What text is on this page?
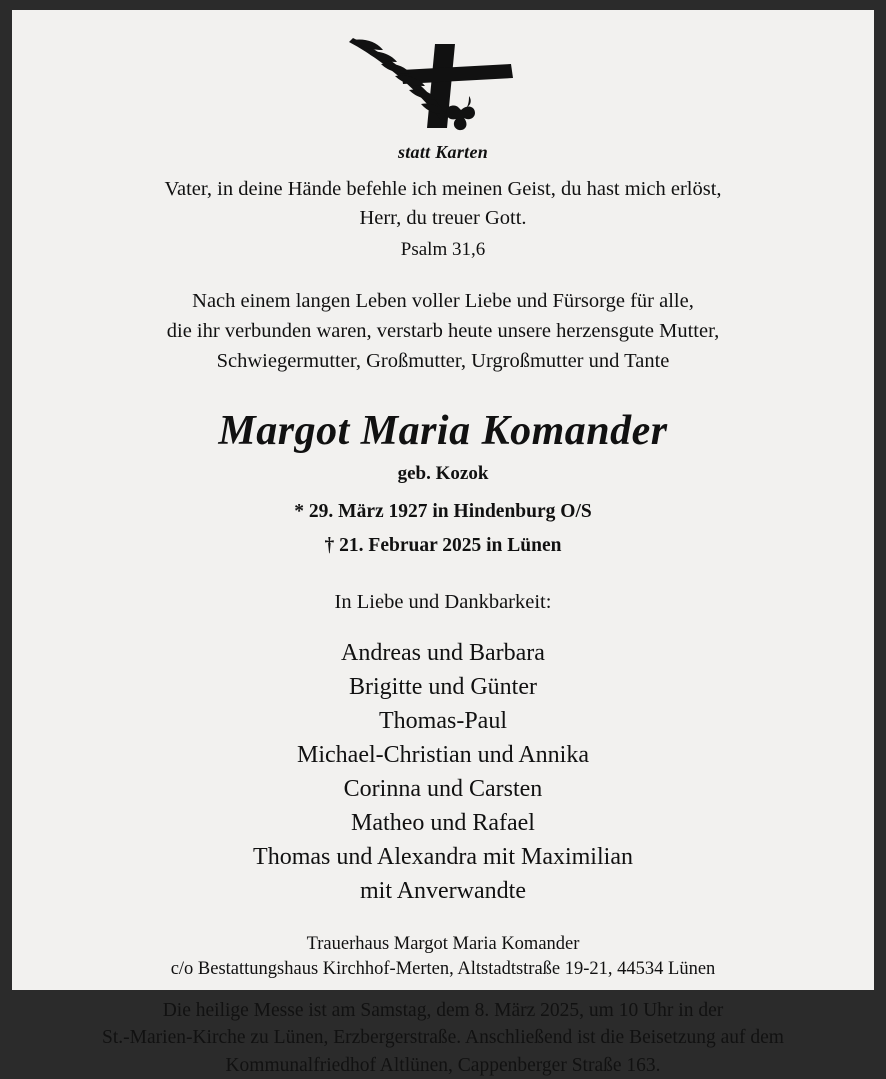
statt Karten
Vater, in deine Hände befehle ich meinen Geist, du hast mich erlöst,
Herr, du treuer Gott.
Psalm 31,6
Nach einem langen Leben voller Liebe und Fürsorge für alle,
die ihr verbunden waren, verstarb heute unsere herzensgute Mutter,
Schwiegermutter, Großmutter, Urgroßmutter und Tante
Margot Maria Komander
geb. Kozok
* 29. März 1927 in Hindenburg O/S
† 21. Februar 2025 in Lünen
In Liebe und Dankbarkeit:
Andreas und Barbara
Brigitte und Günter
Thomas-Paul
Michael-Christian und Annika
Corinna und Carsten
Matheo und Rafael
Thomas und Alexandra mit Maximilian
mit Anverwandte
Trauerhaus Margot Maria Komander
c/o Bestattungshaus Kirchhof-Merten, Altstadtstraße 19-21, 44534 Lünen
Die heilige Messe ist am Samstag, dem 8. März 2025, um 10 Uhr in der
St.-Marien-Kirche zu Lünen, Erzbergerstraße. Anschließend ist die Beisetzung auf dem
Kommunalfriedhof Altlünen, Cappenberger Straße 163.
